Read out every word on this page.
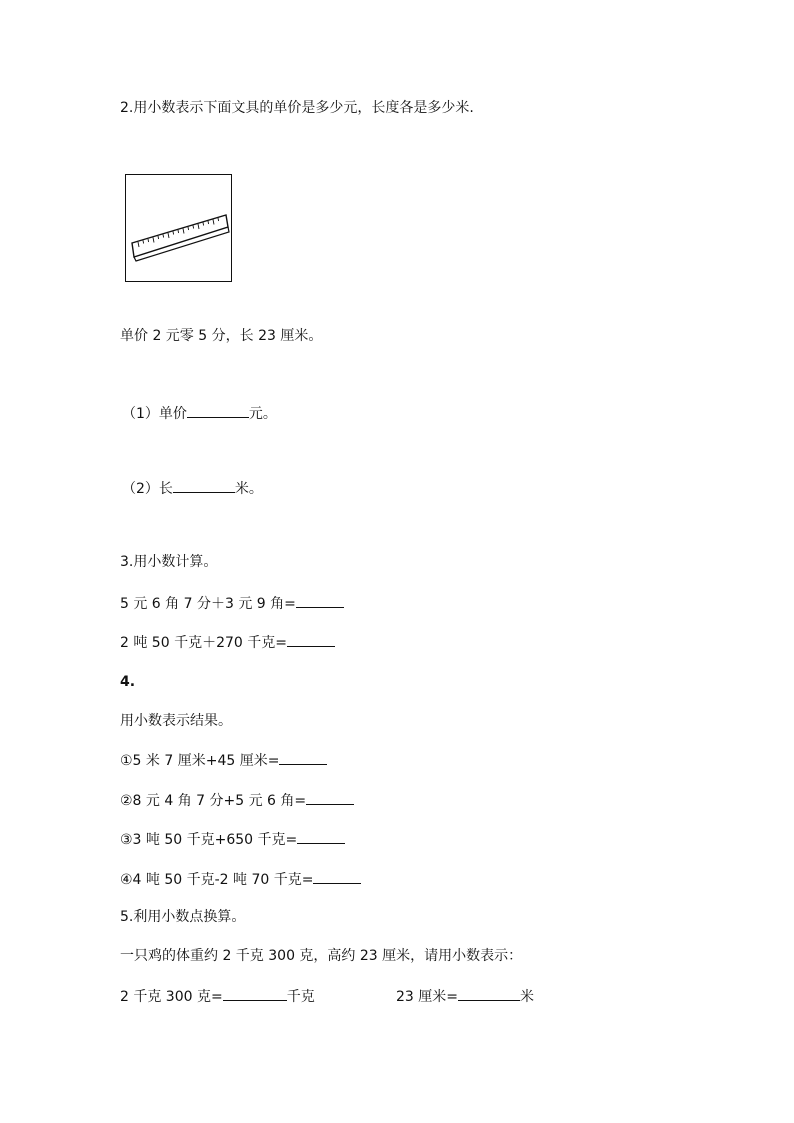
2.用小数表示下面文具的单价是多少元，长度各是多少米.
单价 2 元零 5 分，长 23 厘米。
（1）单价	元。
（2）长	米。
3.用小数计算。
5 元 6 角 7 分＋3 元 9 角=
2 吨 50 千克＋270 千克=
4.
用小数表示结果。
①5 米 7 厘米+45 厘米=
②8 元 4 角 7 分+5 元 6 角=
③3 吨 50 千克+650 千克=
④4 吨 50 千克-2 吨 70 千克=
5.利用小数点换算。
一只鸡的体重约 2 千克 300 克，高约 23 厘米，请用小数表示：
2 千克 300 克=	千克	23 厘米=	米
